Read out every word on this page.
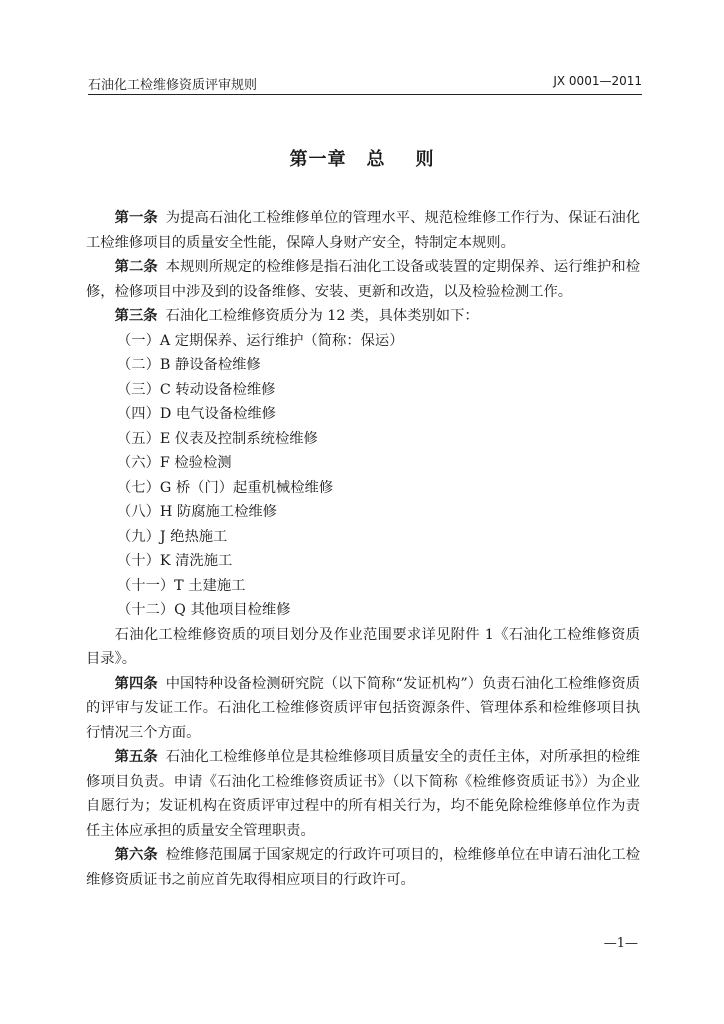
石油化工检维修资质评审规则	JX 0001—2011
第一章 总 则

第一条 为提高石油化工检维修单位的管理水平、规范检维修工作行为、保证石油化工检维修项目的质量安全性能，保障人身财产安全，特制定本规则。

第二条 本规则所规定的检维修是指石油化工设备或装置的定期保养、运行维护和检修，检修项目中涉及到的设备维修、安装、更新和改造，以及检验检测工作。

第三条 石油化工检维修资质分为 12 类，具体类别如下：

（一）A 定期保养、运行维护（简称：保运）

（二）B 静设备检维修

（三）C 转动设备检维修

（四）D 电气设备检维修

（五）E 仪表及控制系统检维修

（六）F 检验检测

（七）G 桥（门）起重机械检维修

（八）H 防腐施工检维修

（九）J 绝热施工

（十）K 清洗施工

（十一）T 土建施工

（十二）Q 其他项目检维修

石油化工检维修资质的项目划分及作业范围要求详见附件 1《石油化工检维修资质目录》。

第四条 中国特种设备检测研究院（以下简称“发证机构”）负责石油化工检维修资质的评审与发证工作。石油化工检维修资质评审包括资源条件、管理体系和检维修项目执行情况三个方面。

第五条 石油化工检维修单位是其检维修项目质量安全的责任主体，对所承担的检维修项目负责。申请《石油化工检维修资质证书》（以下简称《检维修资质证书》）为企业自愿行为；发证机构在资质评审过程中的所有相关行为，均不能免除检维修单位作为责任主体应承担的质量安全管理职责。

第六条 检维修范围属于国家规定的行政许可项目的，检维修单位在申请石油化工检维修资质证书之前应首先取得相应项目的行政许可。

—1—
